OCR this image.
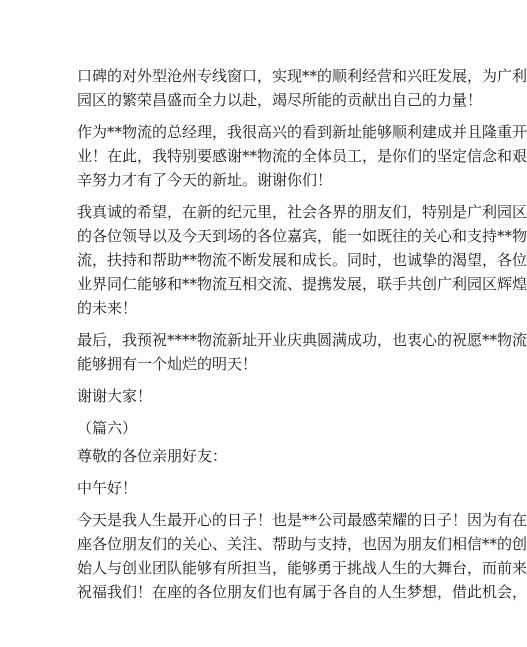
口碑的对外型沧州专线窗口，实现**的顺利经营和兴旺发展，为广利
园区的繁荣昌盛而全力以赴，竭尽所能的贡献出自己的力量！
作为**物流的总经理，我很高兴的看到新址能够顺利建成并且隆重开
业！在此，我特别要感谢**物流的全体员工，是你们的坚定信念和艰
辛努力才有了今天的新址。谢谢你们！
我真诚的希望，在新的纪元里，社会各界的朋友们，特别是广利园区
的各位领导以及今天到场的各位嘉宾，能一如既往的关心和支持**物
流，扶持和帮助**物流不断发展和成长。同时，也诚挚的渴望，各位
业界同仁能够和**物流互相交流、提携发展，联手共创广利园区辉煌
的未来！
最后，我预祝****物流新址开业庆典圆满成功，也衷心的祝愿**物流
能够拥有一个灿烂的明天！
谢谢大家！
（篇六）
尊敬的各位亲朋好友：
中午好！
今天是我人生最开心的日子！也是**公司最感荣耀的日子！因为有在
座各位朋友们的关心、关注、帮助与支持，也因为朋友们相信**的创
始人与创业团队能够有所担当，能够勇于挑战人生的大舞台，而前来
祝福我们！在座的各位朋友们也有属于各自的人生梦想，借此机会，
